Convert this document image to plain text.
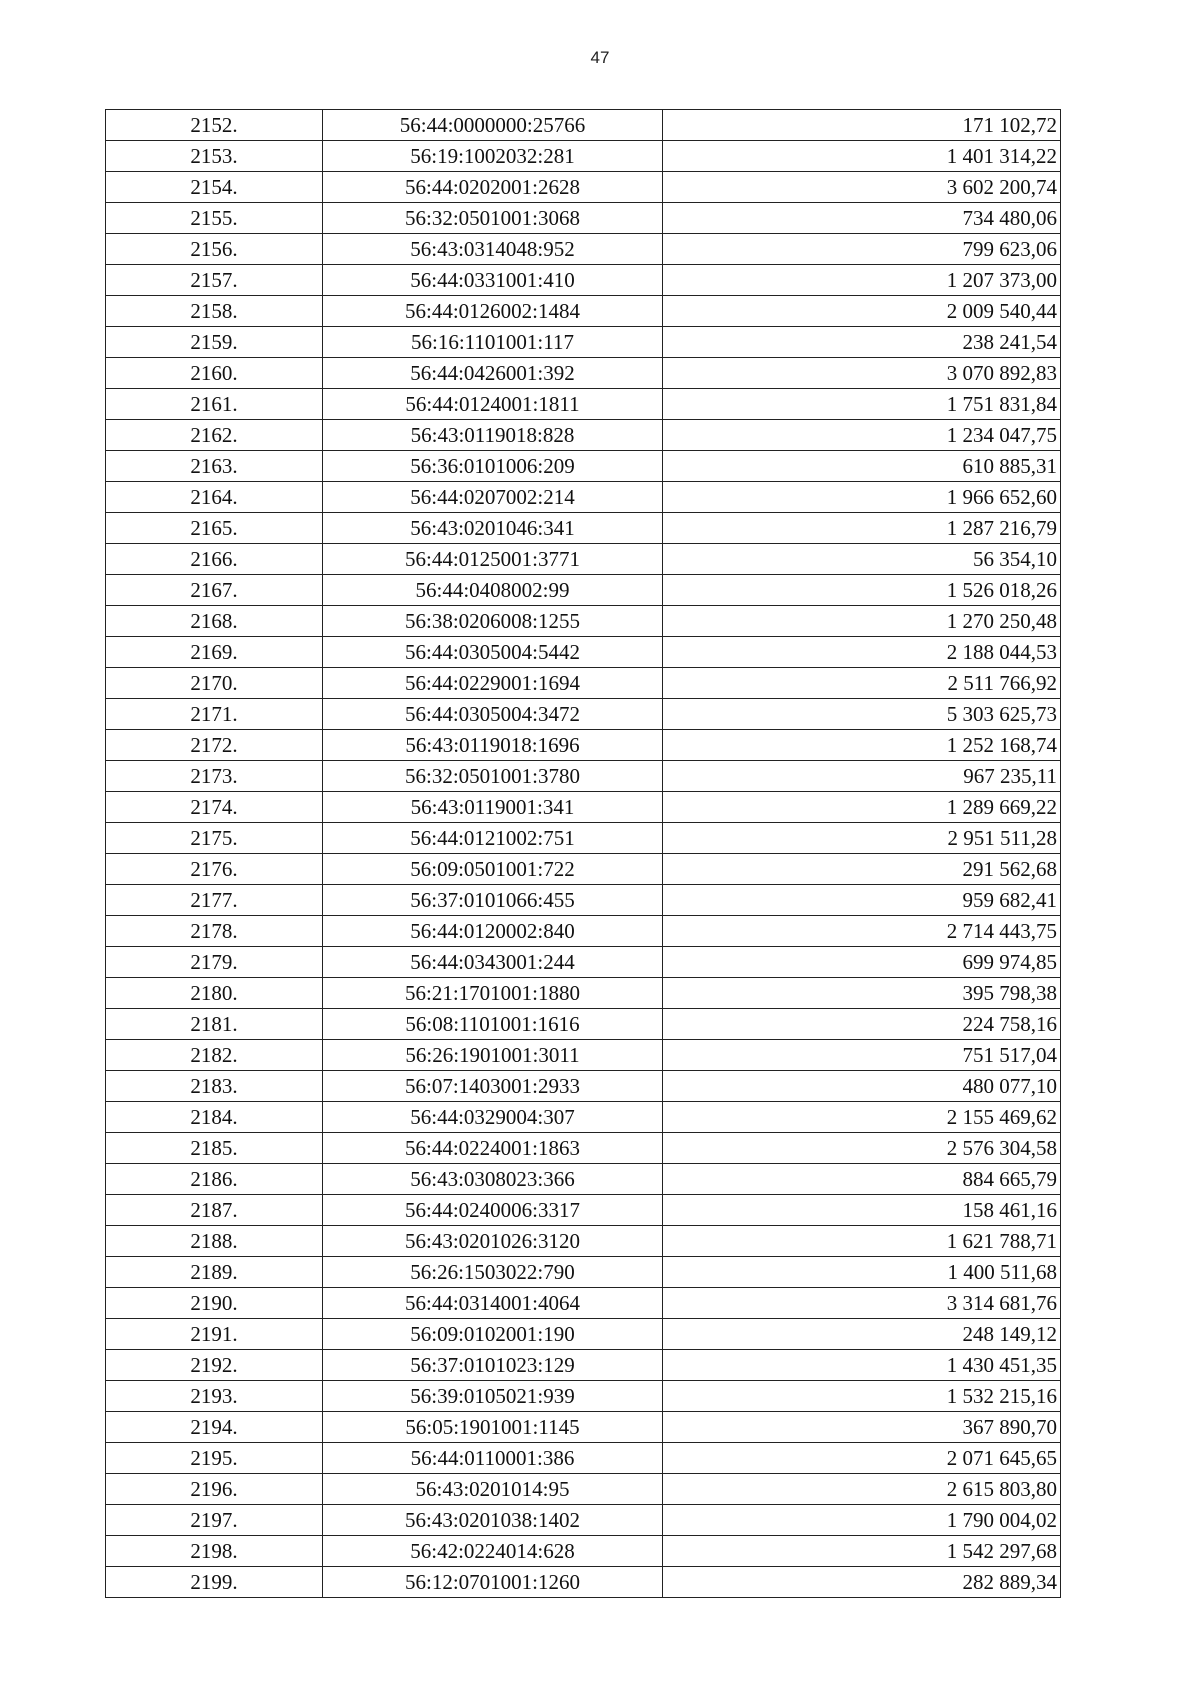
47
2152.	56:44:0000000:25766	171 102,72
2153.	56:19:1002032:281	1 401 314,22
2154.	56:44:0202001:2628	3 602 200,74
2155.	56:32:0501001:3068	734 480,06
2156.	56:43:0314048:952	799 623,06
2157.	56:44:0331001:410	1 207 373,00
2158.	56:44:0126002:1484	2 009 540,44
2159.	56:16:1101001:117	238 241,54
2160.	56:44:0426001:392	3 070 892,83
2161.	56:44:0124001:1811	1 751 831,84
2162.	56:43:0119018:828	1 234 047,75
2163.	56:36:0101006:209	610 885,31
2164.	56:44:0207002:214	1 966 652,60
2165.	56:43:0201046:341	1 287 216,79
2166.	56:44:0125001:3771	56 354,10
2167.	56:44:0408002:99	1 526 018,26
2168.	56:38:0206008:1255	1 270 250,48
2169.	56:44:0305004:5442	2 188 044,53
2170.	56:44:0229001:1694	2 511 766,92
2171.	56:44:0305004:3472	5 303 625,73
2172.	56:43:0119018:1696	1 252 168,74
2173.	56:32:0501001:3780	967 235,11
2174.	56:43:0119001:341	1 289 669,22
2175.	56:44:0121002:751	2 951 511,28
2176.	56:09:0501001:722	291 562,68
2177.	56:37:0101066:455	959 682,41
2178.	56:44:0120002:840	2 714 443,75
2179.	56:44:0343001:244	699 974,85
2180.	56:21:1701001:1880	395 798,38
2181.	56:08:1101001:1616	224 758,16
2182.	56:26:1901001:3011	751 517,04
2183.	56:07:1403001:2933	480 077,10
2184.	56:44:0329004:307	2 155 469,62
2185.	56:44:0224001:1863	2 576 304,58
2186.	56:43:0308023:366	884 665,79
2187.	56:44:0240006:3317	158 461,16
2188.	56:43:0201026:3120	1 621 788,71
2189.	56:26:1503022:790	1 400 511,68
2190.	56:44:0314001:4064	3 314 681,76
2191.	56:09:0102001:190	248 149,12
2192.	56:37:0101023:129	1 430 451,35
2193.	56:39:0105021:939	1 532 215,16
2194.	56:05:1901001:1145	367 890,70
2195.	56:44:0110001:386	2 071 645,65
2196.	56:43:0201014:95	2 615 803,80
2197.	56:43:0201038:1402	1 790 004,02
2198.	56:42:0224014:628	1 542 297,68
2199.	56:12:0701001:1260	282 889,34
